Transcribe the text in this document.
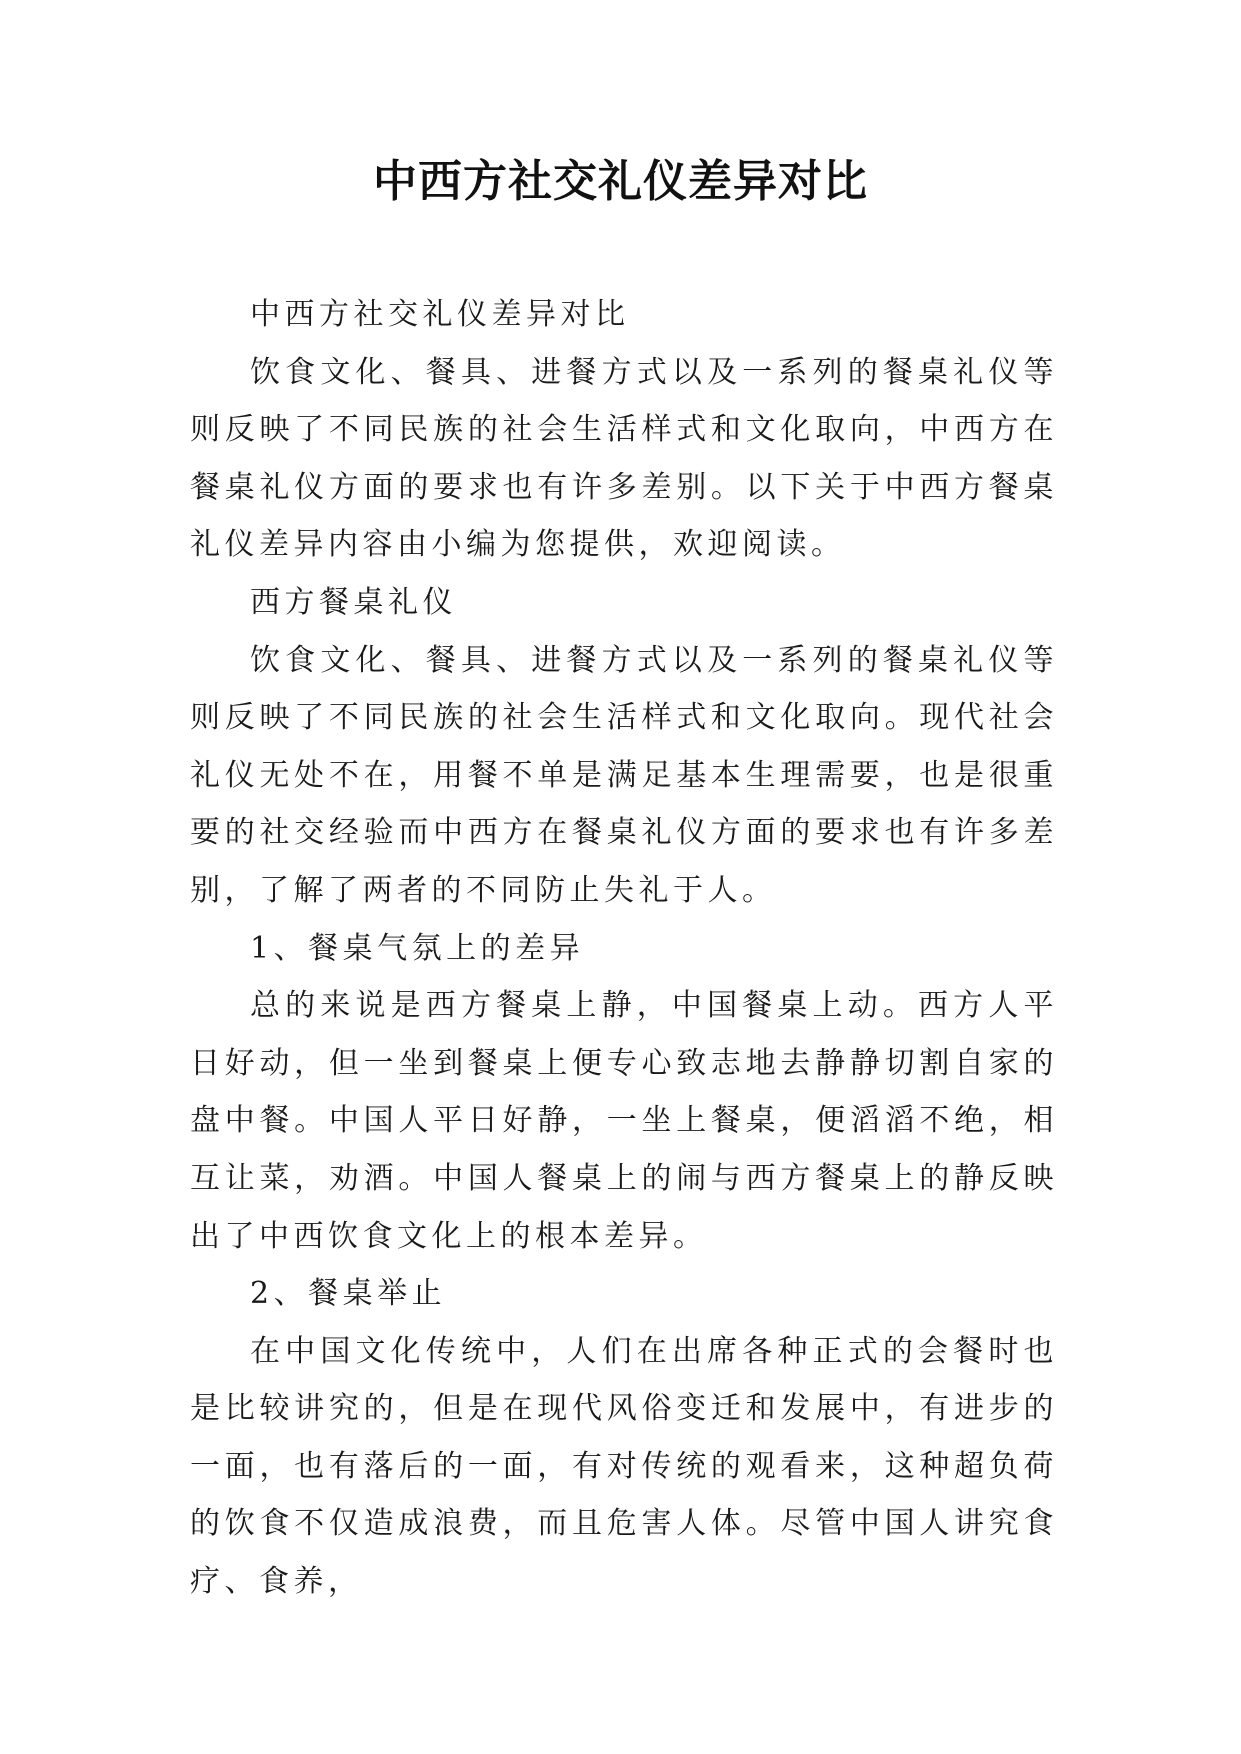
中西方社交礼仪差异对比

中西方社交礼仪差异对比

饮食文化、餐具、进餐方式以及一系列的餐桌礼仪等则反映了不同民族的社会生活样式和文化取向，中西方在餐桌礼仪方面的要求也有许多差别。以下关于中西方餐桌礼仪差异内容由小编为您提供，欢迎阅读。

西方餐桌礼仪

饮食文化、餐具、进餐方式以及一系列的餐桌礼仪等则反映了不同民族的社会生活样式和文化取向。现代社会礼仪无处不在，用餐不单是满足基本生理需要，也是很重要的社交经验而中西方在餐桌礼仪方面的要求也有许多差别，了解了两者的不同防止失礼于人。

1、餐桌气氛上的差异

总的来说是西方餐桌上静，中国餐桌上动。西方人平日好动，但一坐到餐桌上便专心致志地去静静切割自家的盘中餐。中国人平日好静，一坐上餐桌，便滔滔不绝，相互让菜，劝酒。中国人餐桌上的闹与西方餐桌上的静反映出了中西饮食文化上的根本差异。

2、餐桌举止

在中国文化传统中，人们在出席各种正式的会餐时也是比较讲究的，但是在现代风俗变迁和发展中，有进步的一面，也有落后的一面，有对传统的观看来，这种超负荷的饮食不仅造成浪费，而且危害人体。尽管中国人讲究食疗、食养，
